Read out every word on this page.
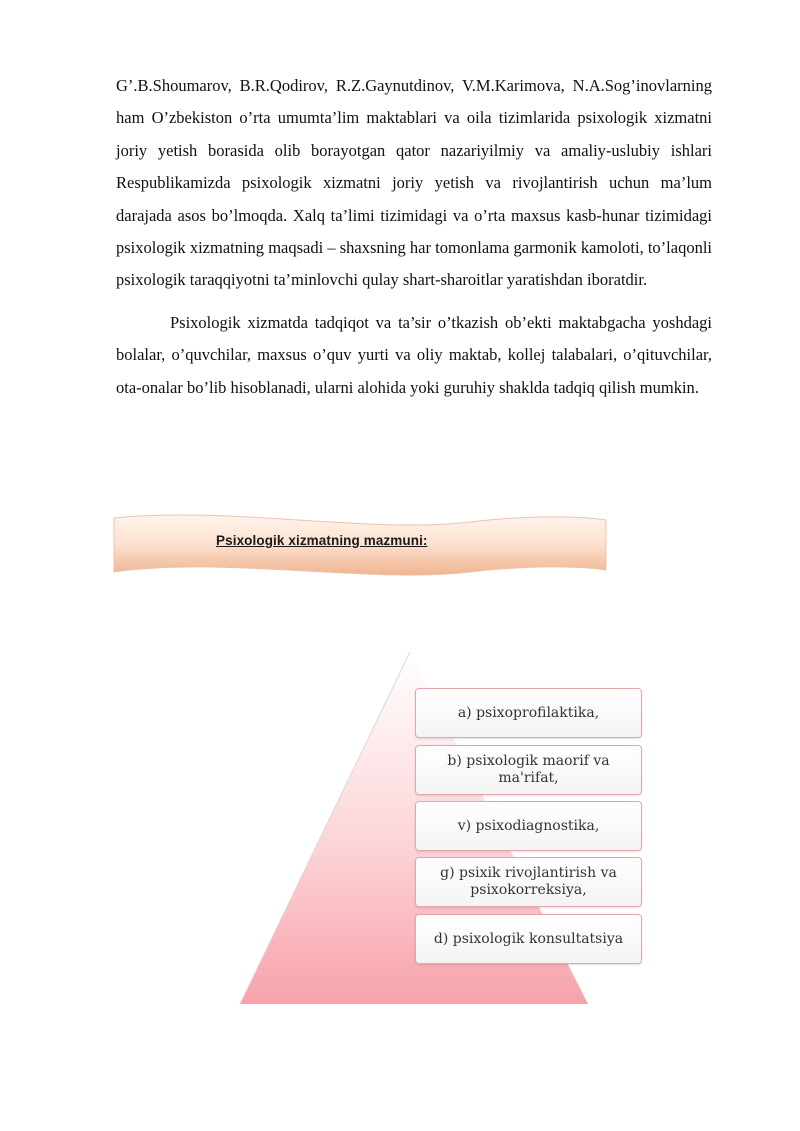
G’.B.Shoumarov, B.R.Qodirov, R.Z.Gaynutdinov, V.M.Karimova, N.A.Sog’inovlarning ham O’zbekiston o’rta umumta’lim maktablari va oila tizimlarida psixologik xizmatni joriy yetish borasida olib borayotgan qator nazariyilmiy va amaliy-uslubiy ishlari Respublikamizda psixologik xizmatni joriy yetish va rivojlantirish uchun ma’lum darajada asos bo’lmoqda. Xalq ta’limi tizimidagi va o’rta maxsus kasb-hunar tizimidagi psixologik xizmatning maqsadi – shaxsning har tomonlama garmonik kamoloti, to’laqonli psixologik taraqqiyotni ta’minlovchi qulay shart-sharoitlar yaratishdan iboratdir.

Psixologik xizmatda tadqiqot va ta’sir o’tkazish ob’ekti maktabgacha yoshdagi bolalar, o’quvchilar, maxsus o’quv yurti va oliy maktab, kollej talabalari, o’qituvchilar, ota-onalar bo’lib hisoblanadi, ularni alohida yoki guruhiy shaklda tadqiq qilish mumkin.

Psixologik xizmatning mazmuni:
a) psixoprofilaktika,
b) psixologik maorif va ma'rifat,
v) psixodiagnostika,
g) psixik rivojlantirish va psixokorreksiya,
d) psixologik konsultatsiya
